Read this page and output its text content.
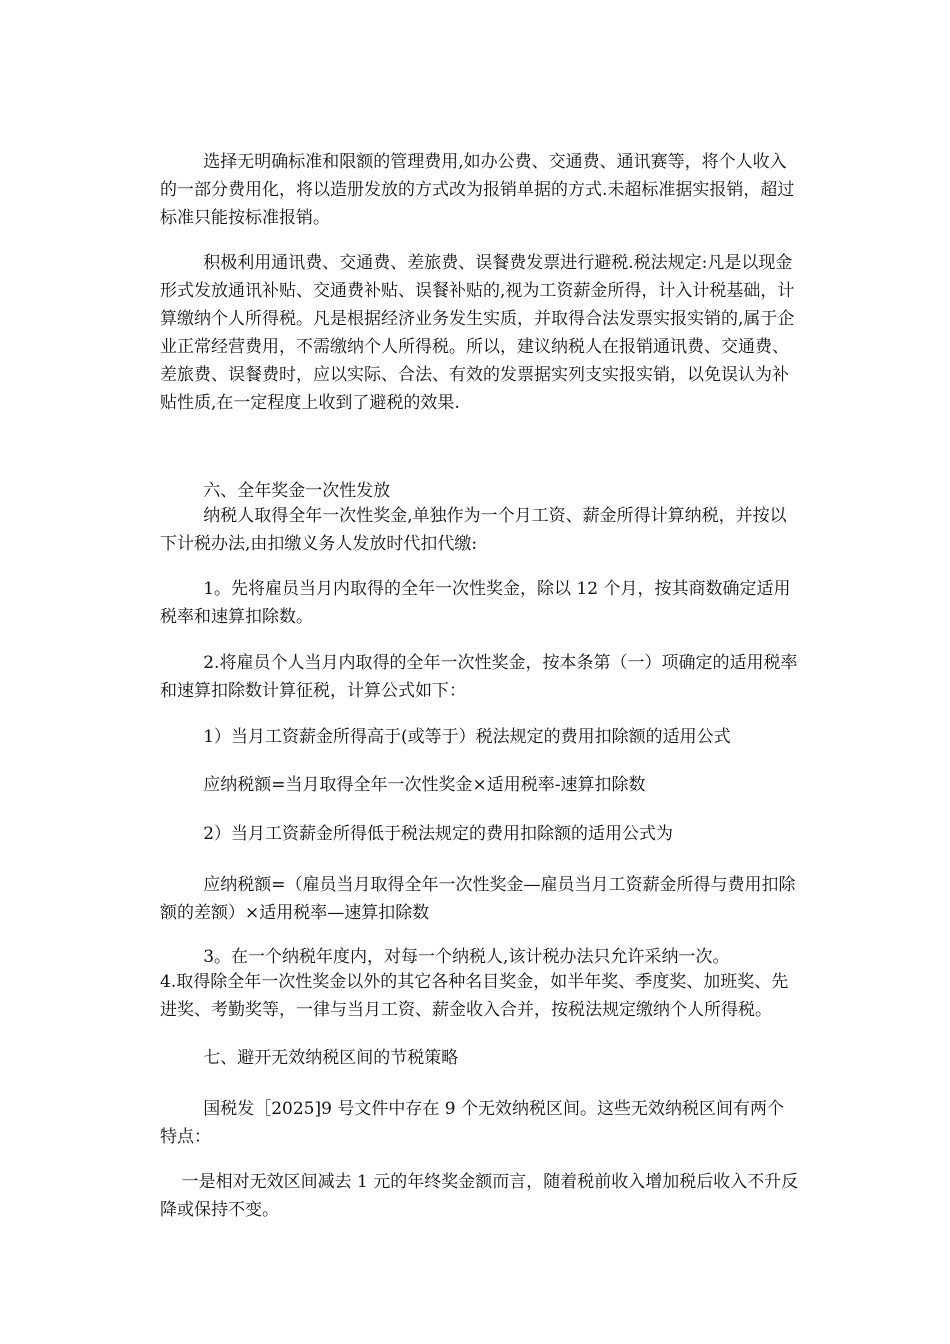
选择无明确标准和限额的管理费用,如办公费、交通费、通讯赛等，将个人收入的一部分费用化，将以造册发放的方式改为报销单据的方式.未超标准据实报销，超过标准只能按标准报销。

积极利用通讯费、交通费、差旅费、误餐费发票进行避税.税法规定:凡是以现金形式发放通讯补贴、交通费补贴、误餐补贴的,视为工资薪金所得，计入计税基础，计算缴纳个人所得税。凡是根据经济业务发生实质，并取得合法发票实报实销的,属于企业正常经营费用，不需缴纳个人所得税。所以，建议纳税人在报销通讯费、交通费、差旅费、误餐费时，应以实际、合法、有效的发票据实列支实报实销，以免误认为补贴性质,在一定程度上收到了避税的效果.

六、全年奖金一次性发放

纳税人取得全年一次性奖金,单独作为一个月工资、薪金所得计算纳税，并按以下计税办法,由扣缴义务人发放时代扣代缴:

1。先将雇员当月内取得的全年一次性奖金，除以 12 个月，按其商数确定适用税率和速算扣除数。

2.将雇员个人当月内取得的全年一次性奖金，按本条第（一）项确定的适用税率和速算扣除数计算征税，计算公式如下：

1）当月工资薪金所得高于(或等于）税法规定的费用扣除额的适用公式

应纳税额=当月取得全年一次性奖金×适用税率-速算扣除数

2）当月工资薪金所得低于税法规定的费用扣除额的适用公式为

应纳税额=（雇员当月取得全年一次性奖金—雇员当月工资薪金所得与费用扣除额的差额）×适用税率—速算扣除数

3。在一个纳税年度内，对每一个纳税人,该计税办法只允许采纳一次。

4.取得除全年一次性奖金以外的其它各种名目奖金，如半年奖、季度奖、加班奖、先进奖、考勤奖等，一律与当月工资、薪金收入合并，按税法规定缴纳个人所得税。

七、避开无效纳税区间的节税策略

国税发［2025]9 号文件中存在 9 个无效纳税区间。这些无效纳税区间有两个特点：

一是相对无效区间减去 1 元的年终奖金额而言，随着税前收入增加税后收入不升反降或保持不变。
